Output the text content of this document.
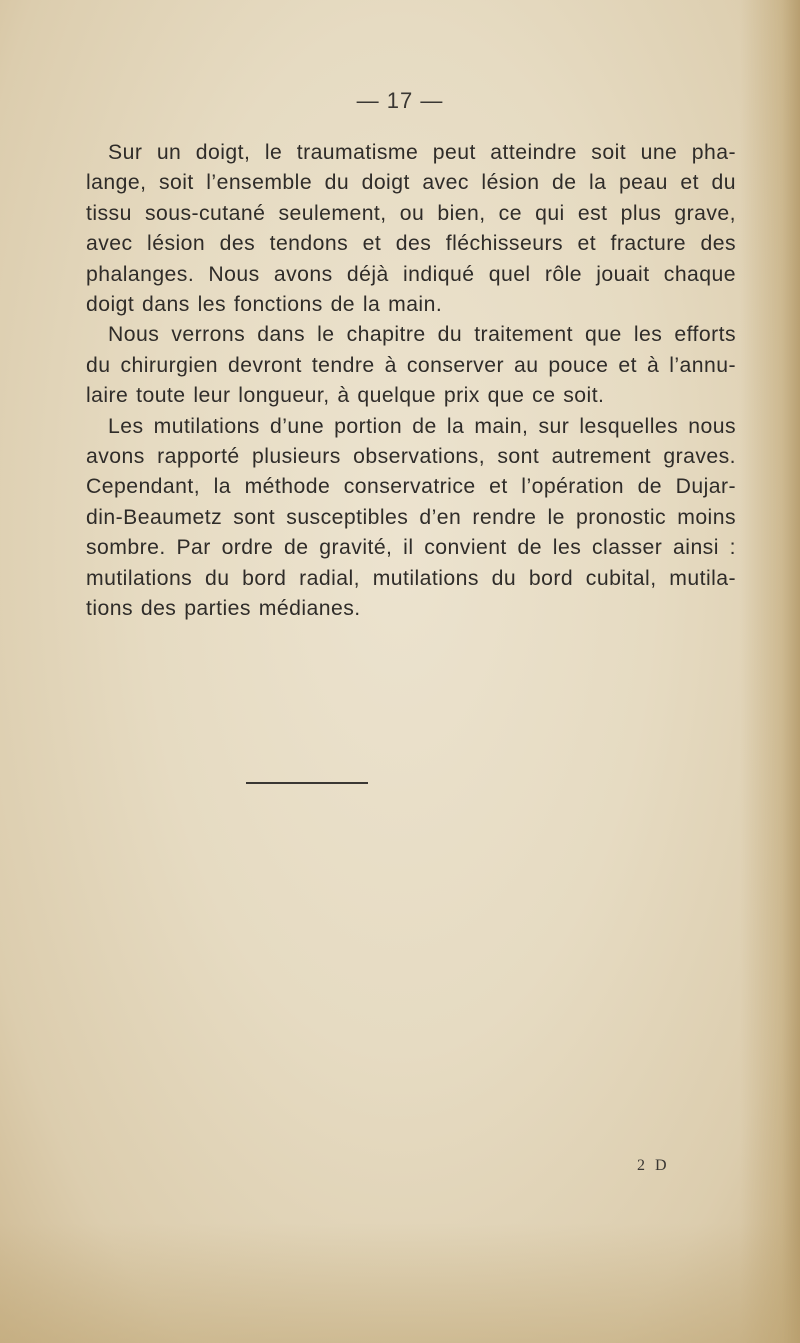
— 17 —
Sur un doigt, le traumatisme peut atteindre soit une pha-
lange, soit l’ensemble du doigt avec lésion de la peau et du
tissu sous-cutané seulement, ou bien, ce qui est plus grave,
avec lésion des tendons et des fléchisseurs et fracture des
phalanges. Nous avons déjà indiqué quel rôle jouait chaque
doigt dans les fonctions de la main.
Nous verrons dans le chapitre du traitement que les efforts
du chirurgien devront tendre à conserver au pouce et à l’annu-
laire toute leur longueur, à quelque prix que ce soit.
Les mutilations d’une portion de la main, sur lesquelles nous
avons rapporté plusieurs observations, sont autrement graves.
Cependant, la méthode conservatrice et l’opération de Dujar-
din-Beaumetz sont susceptibles d’en rendre le pronostic moins
sombre. Par ordre de gravité, il convient de les classer ainsi :
mutilations du bord radial, mutilations du bord cubital, mutila-
tions des parties médianes.
2 D
